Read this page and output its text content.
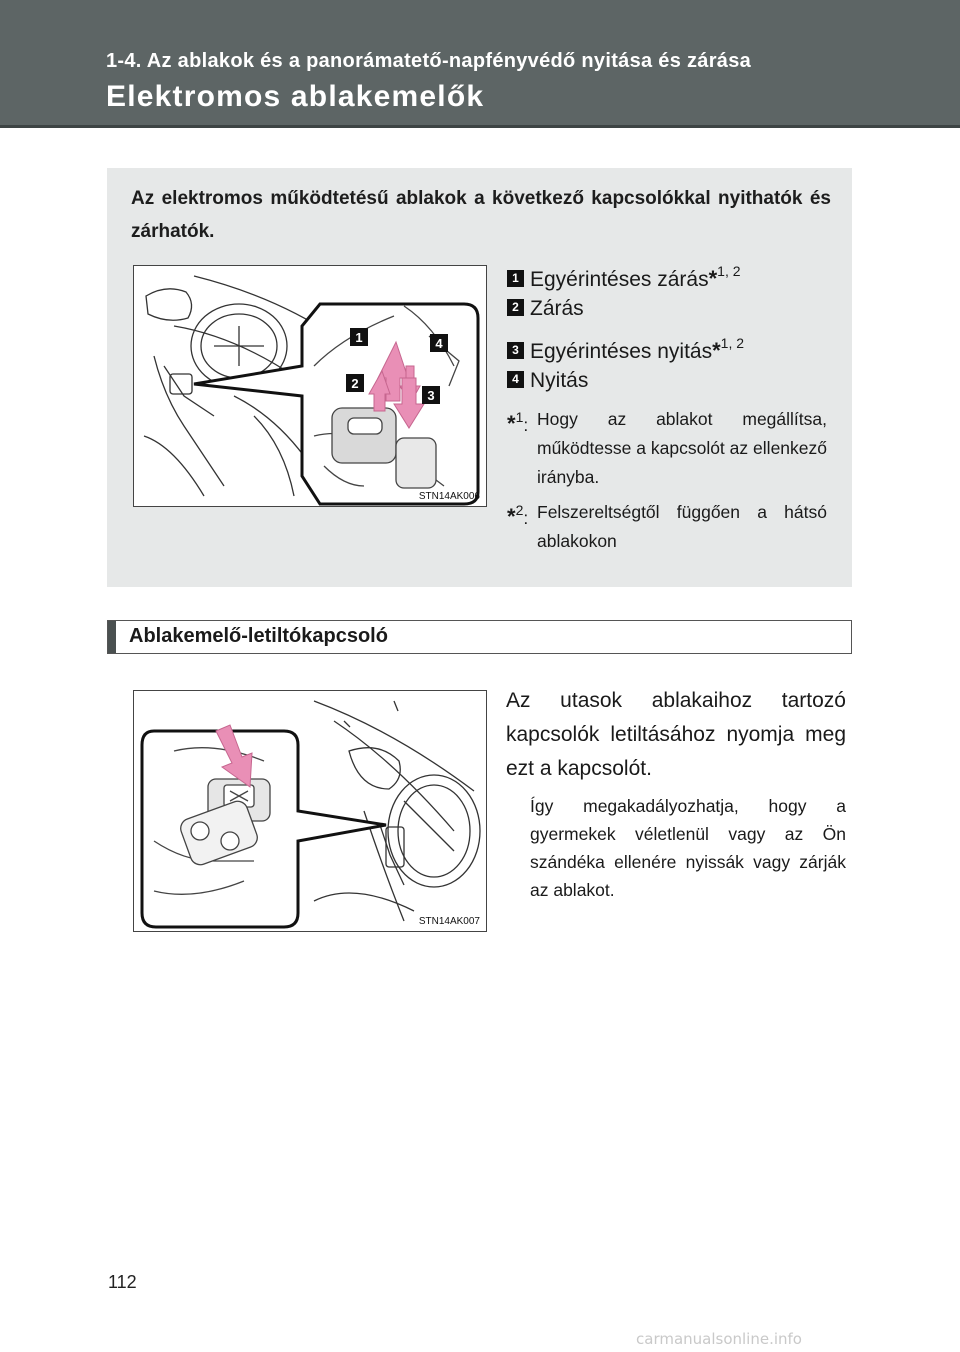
1-4. Az ablakok és a panorámatető-napfényvédő nyitása és zárása
Elektromos ablakemelők
Az elektromos működtetésű ablakok a következő kapcsolókkal nyithatók és zárhatók.
1	4
2
3
STN14AK006
1 Egyérintéses zárás*$^{1, 2}$
2 Zárás
3 Egyérintéses nyitás*$^{1, 2}$
4 Nyitás
*$^1$: Hogy az ablakot megállítsa, működtesse a kapcsolót az ellenkező irányba.
*$^2$: Felszereltségtől függően a hátsó ablakokon
Ablakemelő-letiltókapcsoló
STN14AK007
Az utasok ablakaihoz tartozó kapcsolók letiltásához nyomja meg ezt a kapcsolót.
Így megakadályozhatja, hogy a gyermekek véletlenül vagy az Ön szándéka ellenére nyissák vagy zárják az ablakot.
112
carmanualsonline.info
